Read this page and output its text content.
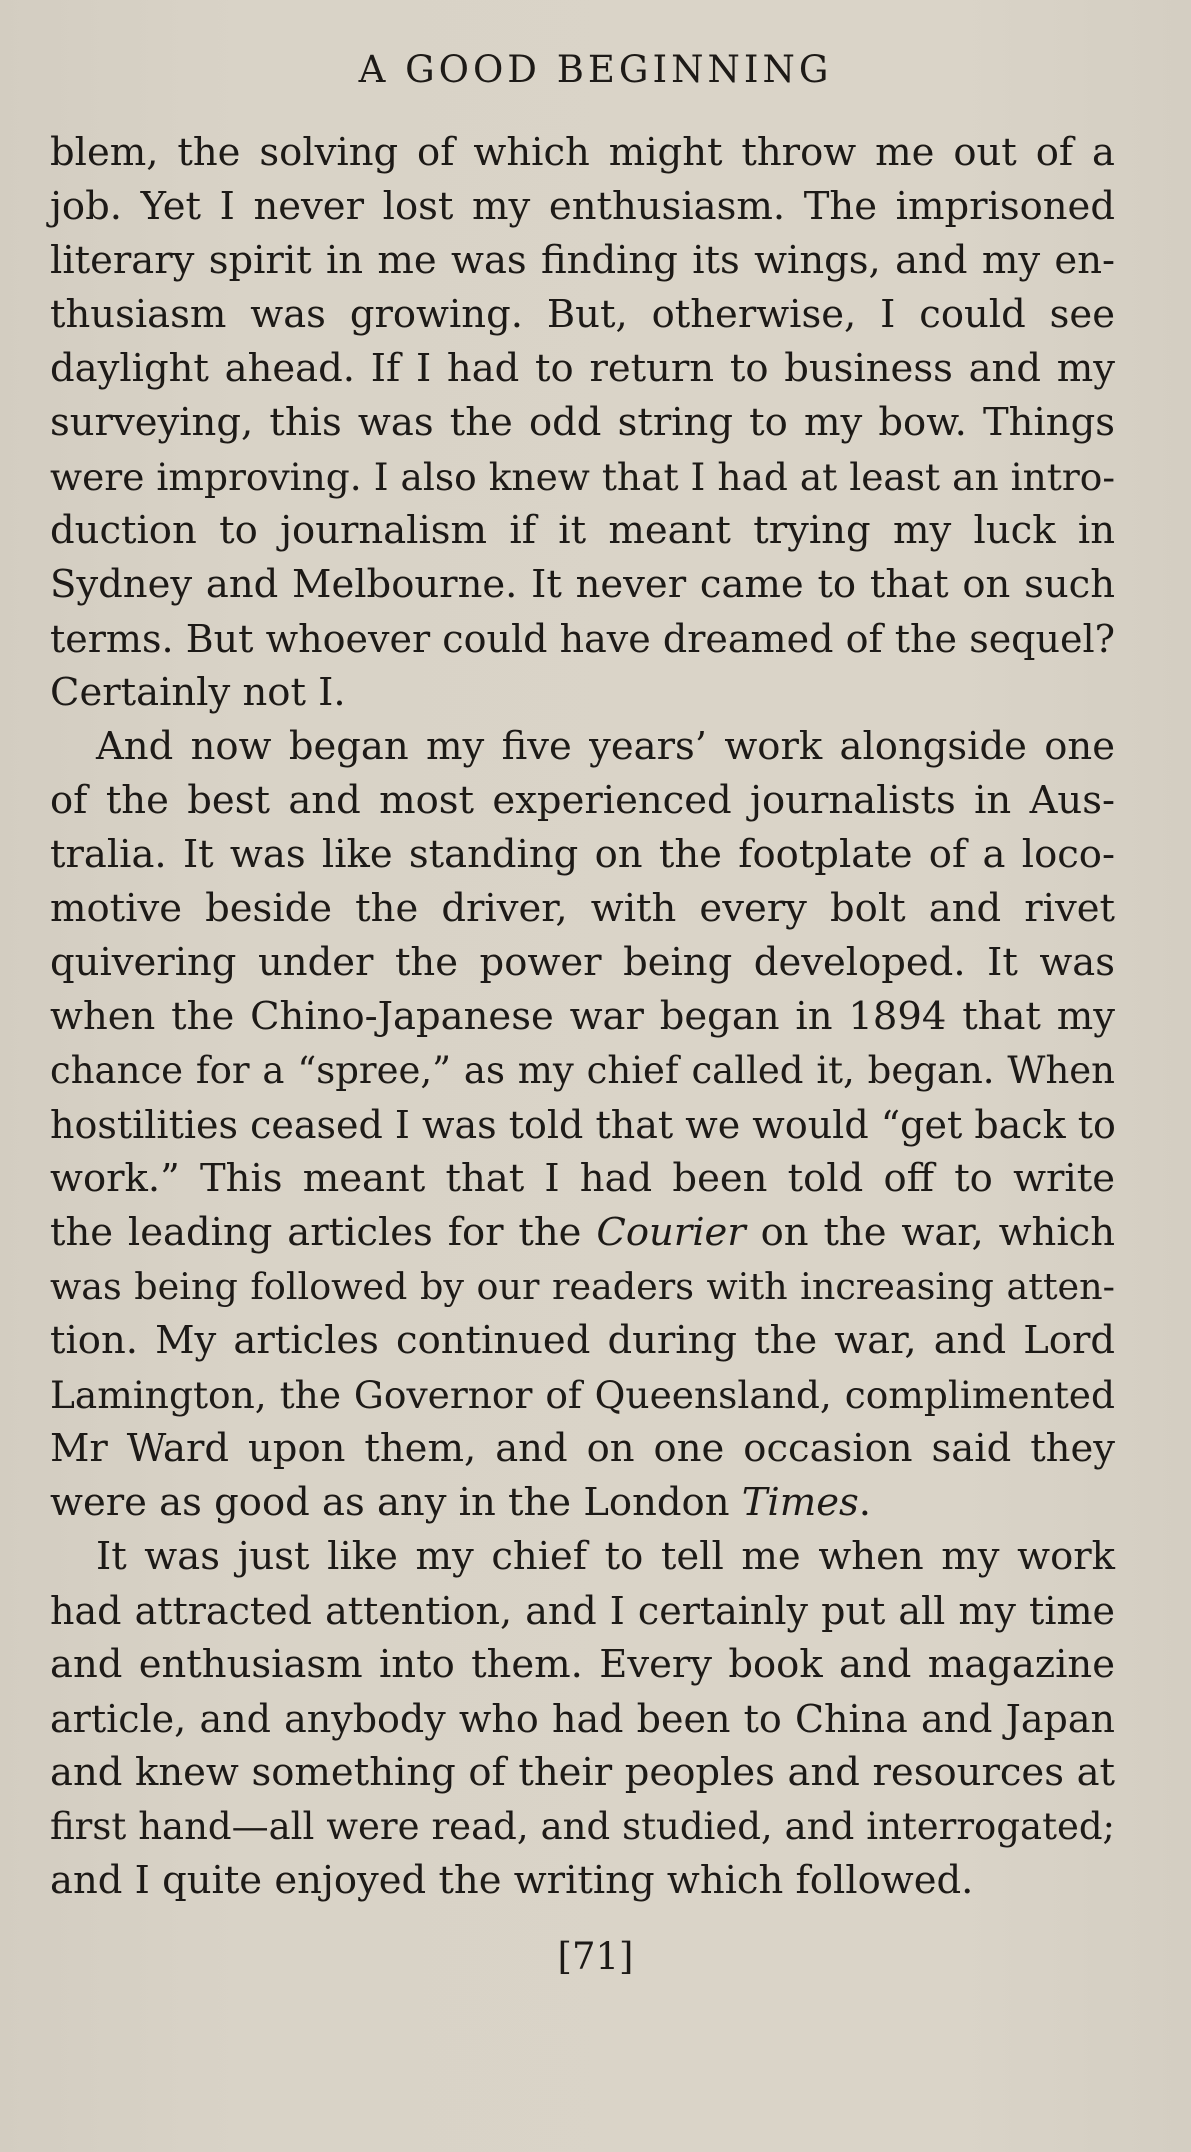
A GOOD BEGINNING
blem, the solving of which might throw me out of a
job. Yet I never lost my enthusiasm. The imprisoned
literary spirit in me was finding its wings, and my en-
thusiasm was growing. But, otherwise, I could see
daylight ahead. If I had to return to business and my
surveying, this was the odd string to my bow. Things
were improving. I also knew that I had at least an intro-
duction to journalism if it meant trying my luck in
Sydney and Melbourne. It never came to that on such
terms. But whoever could have dreamed of the sequel?
Certainly not I.
And now began my five years’ work alongside one
of the best and most experienced journalists in Aus-
tralia. It was like standing on the footplate of a loco-
motive beside the driver, with every bolt and rivet
quivering under the power being developed. It was
when the Chino-Japanese war began in 1894 that my
chance for a “spree,” as my chief called it, began. When
hostilities ceased I was told that we would “get back to
work.” This meant that I had been told off to write
the leading articles for the Courier on the war, which
was being followed by our readers with increasing atten-
tion. My articles continued during the war, and Lord
Lamington, the Governor of Queensland, complimented
Mr Ward upon them, and on one occasion said they
were as good as any in the London Times.
It was just like my chief to tell me when my work
had attracted attention, and I certainly put all my time
and enthusiasm into them. Every book and magazine
article, and anybody who had been to China and Japan
and knew something of their peoples and resources at
first hand—all were read, and studied, and interrogated;
and I quite enjoyed the writing which followed.
[71]
